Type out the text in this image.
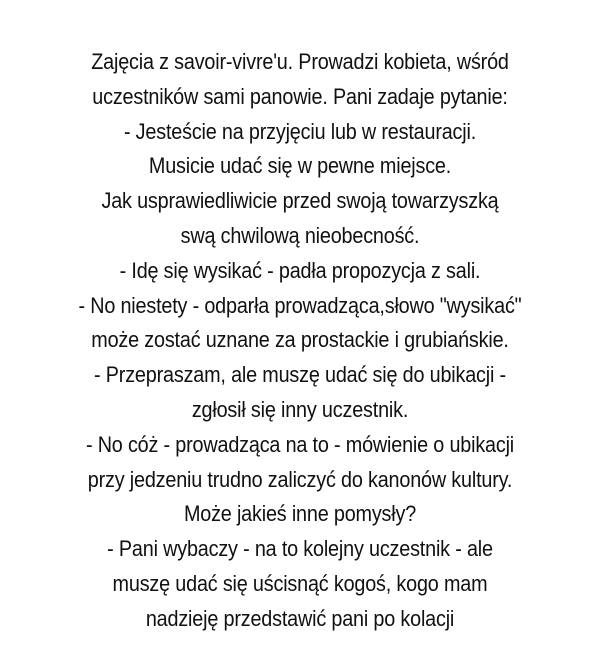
Zajęcia z savoir-vivre'u. Prowadzi kobieta, wśród
uczestników sami panowie. Pani zadaje pytanie:
- Jesteście na przyjęciu lub w restauracji.
Musicie udać się w pewne miejsce.
Jak usprawiedliwicie przed swoją towarzyszką
swą chwilową nieobecność.
- Idę się wysikać - padła propozycja z sali.
- No niestety - odparła prowadząca,słowo "wysikać"
może zostać uznane za prostackie i grubiańskie.
- Przepraszam, ale muszę udać się do ubikacji -
zgłosił się inny uczestnik.
- No cóż - prowadząca na to - mówienie o ubikacji
przy jedzeniu trudno zaliczyć do kanonów kultury.
Może jakieś inne pomysły?
- Pani wybaczy - na to kolejny uczestnik - ale
muszę udać się uścisnąć kogoś, kogo mam
nadzieję przedstawić pani po kolacji
